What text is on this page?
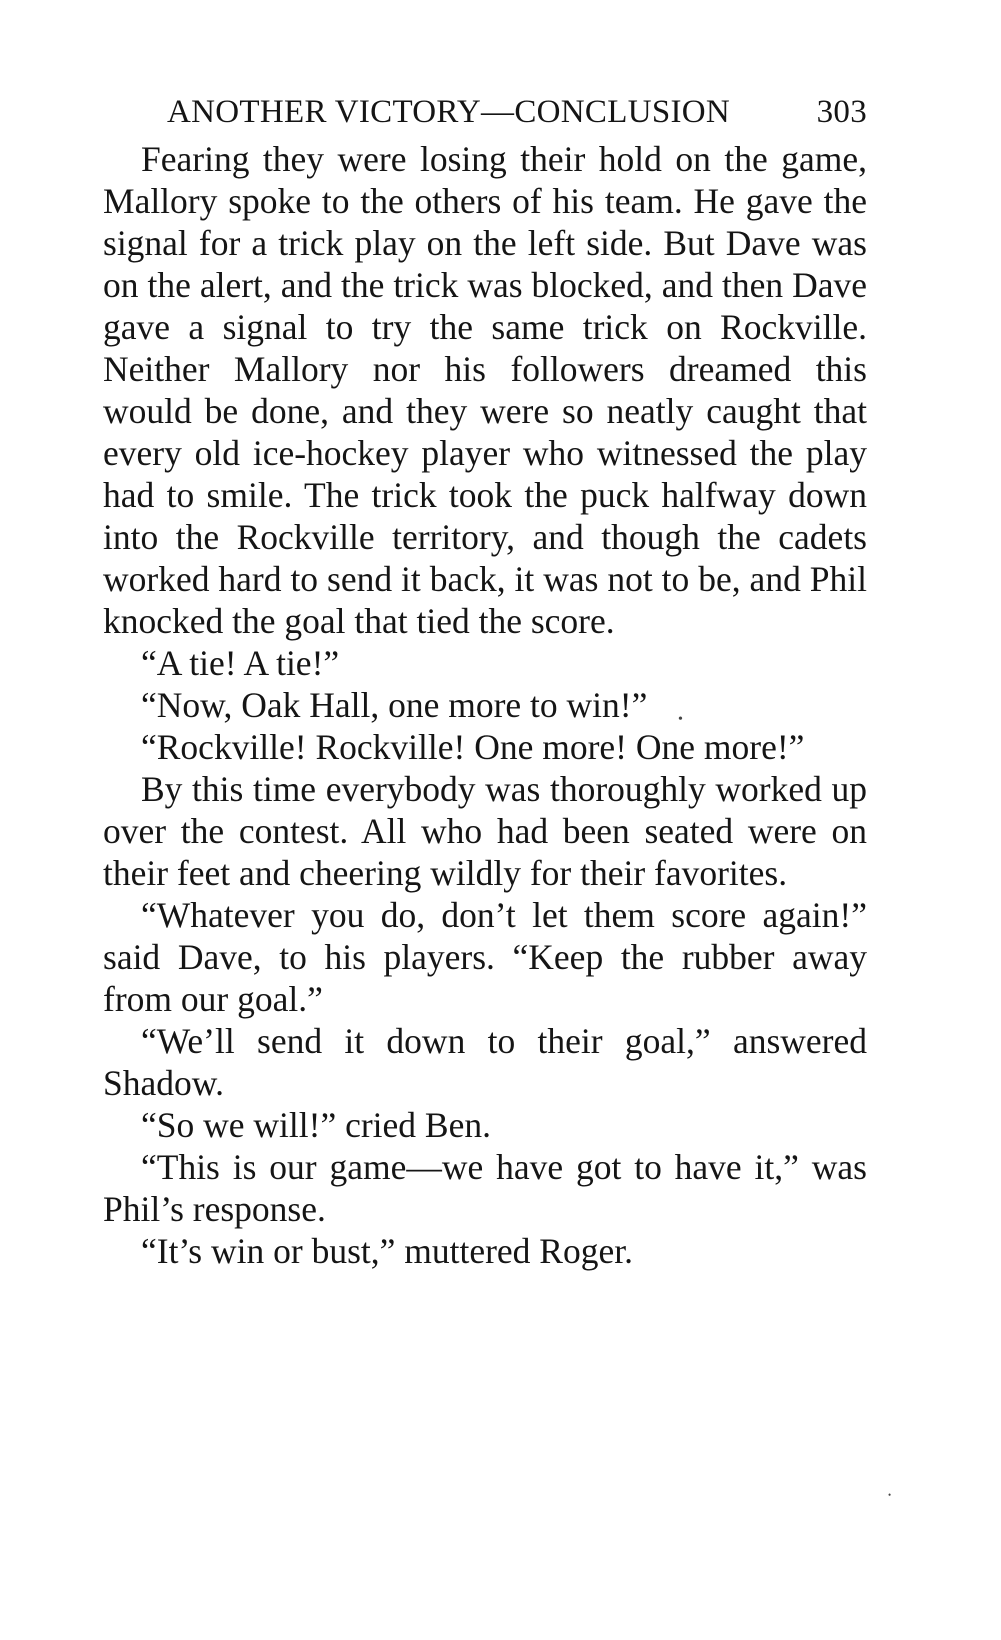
ANOTHER VICTORY—CONCLUSION	303

Fearing they were losing their hold on the game, Mallory spoke to the others of his team. He gave the signal for a trick play on the left side. But Dave was on the alert, and the trick was blocked, and then Dave gave a signal to try the same trick on Rockville. Neither Mallory nor his followers dreamed this would be done, and they were so neatly caught that every old ice-hockey player who witnessed the play had to smile. The trick took the puck halfway down into the Rockville territory, and though the cadets worked hard to send it back, it was not to be, and Phil knocked the goal that tied the score.

“A tie! A tie!”

“Now, Oak Hall, one more to win!”

“Rockville! Rockville! One more! One more!”

By this time everybody was thoroughly worked up over the contest. All who had been seated were on their feet and cheering wildly for their favorites.

“Whatever you do, don’t let them score again!” said Dave, to his players. “Keep the rubber away from our goal.”

“We’ll send it down to their goal,” answered Shadow.

“So we will!” cried Ben.

“This is our game—we have got to have it,” was Phil’s response.

“It’s win or bust,” muttered Roger.

•
•
